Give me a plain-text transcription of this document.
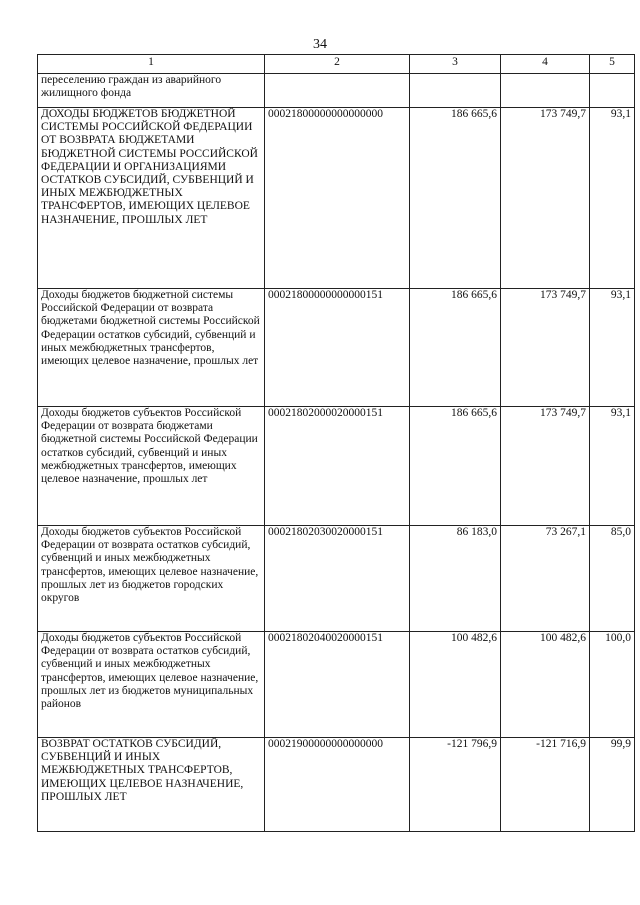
34
1	2	3	4	5
переселению граждан из аварийного жилищного фонда				
ДОХОДЫ БЮДЖЕТОВ БЮДЖЕТНОЙ СИСТЕМЫ РОССИЙСКОЙ ФЕДЕРАЦИИ ОТ ВОЗВРАТА БЮДЖЕТАМИ БЮДЖЕТНОЙ СИСТЕМЫ РОССИЙСКОЙ ФЕДЕРАЦИИ И ОРГАНИЗАЦИЯМИ ОСТАТКОВ СУБСИДИЙ, СУБВЕНЦИЙ И ИНЫХ МЕЖБЮДЖЕТНЫХ ТРАНСФЕРТОВ, ИМЕЮЩИХ ЦЕЛЕВОЕ НАЗНАЧЕНИЕ, ПРОШЛЫХ ЛЕТ	00021800000000000000	186 665,6	173 749,7	93,1
Доходы бюджетов бюджетной системы Российской Федерации от возврата бюджетами бюджетной системы Российской Федерации остатков субсидий, субвенций и иных межбюджетных трансфертов, имеющих целевое назначение, прошлых лет	00021800000000000151	186 665,6	173 749,7	93,1
Доходы бюджетов субъектов Российской Федерации от возврата бюджетами бюджетной системы Российской Федерации остатков субсидий, субвенций и иных межбюджетных трансфертов, имеющих целевое назначение, прошлых лет	00021802000020000151	186 665,6	173 749,7	93,1
Доходы бюджетов субъектов Российской Федерации от возврата остатков субсидий, субвенций и иных межбюджетных трансфертов, имеющих целевое назначение, прошлых лет из бюджетов городских округов	00021802030020000151	86 183,0	73 267,1	85,0
Доходы бюджетов субъектов Российской Федерации от возврата остатков субсидий, субвенций и иных межбюджетных трансфертов, имеющих целевое назначение, прошлых лет из бюджетов муниципальных районов	00021802040020000151	100 482,6	100 482,6	100,0
ВОЗВРАТ ОСТАТКОВ СУБСИДИЙ, СУБВЕНЦИЙ И ИНЫХ МЕЖБЮДЖЕТНЫХ ТРАНСФЕРТОВ, ИМЕЮЩИХ ЦЕЛЕВОЕ НАЗНАЧЕНИЕ, ПРОШЛЫХ ЛЕТ	00021900000000000000	-121 796,9	-121 716,9	99,9
